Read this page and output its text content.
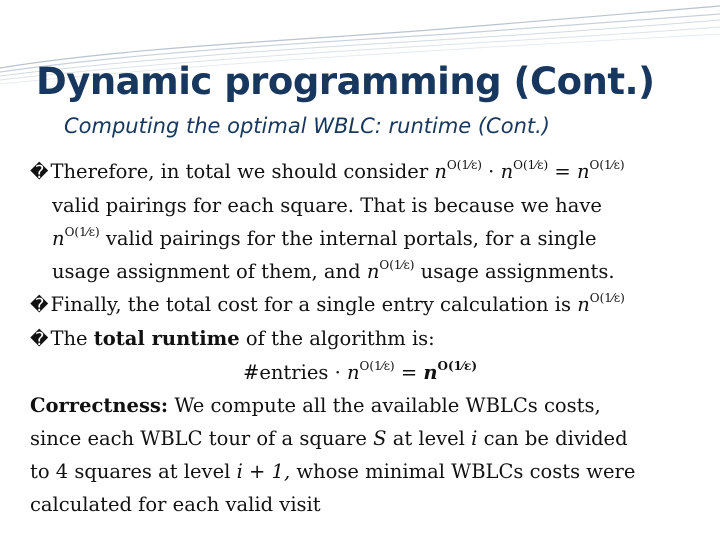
Dynamic programming (Cont.)
Computing the optimal WBLC: runtime (Cont.)
� Therefore, in total we should consider $n^{O(1⁄\varepsilon)} \cdot n^{O(1⁄\varepsilon)} = n^{O(1⁄\varepsilon)}$
valid pairings for each square. That is because we have
$n^{O(1⁄\varepsilon)}$ valid pairings for the internal portals, for a single
usage assignment of them, and $n^{O(1⁄\varepsilon)}$ usage assignments.
� Finally, the total cost for a single entry calculation is $n^{O(1⁄\varepsilon)}$
� The total runtime of the algorithm is:
#entries · $n^{O(1⁄\varepsilon)} = n^{O(1⁄\varepsilon)}$
Correctness: We compute all the available WBLCs costs,
since each WBLC tour of a square S at level i can be divided
to 4 squares at level i + 1, whose minimal WBLCs costs were
calculated for each valid visit
